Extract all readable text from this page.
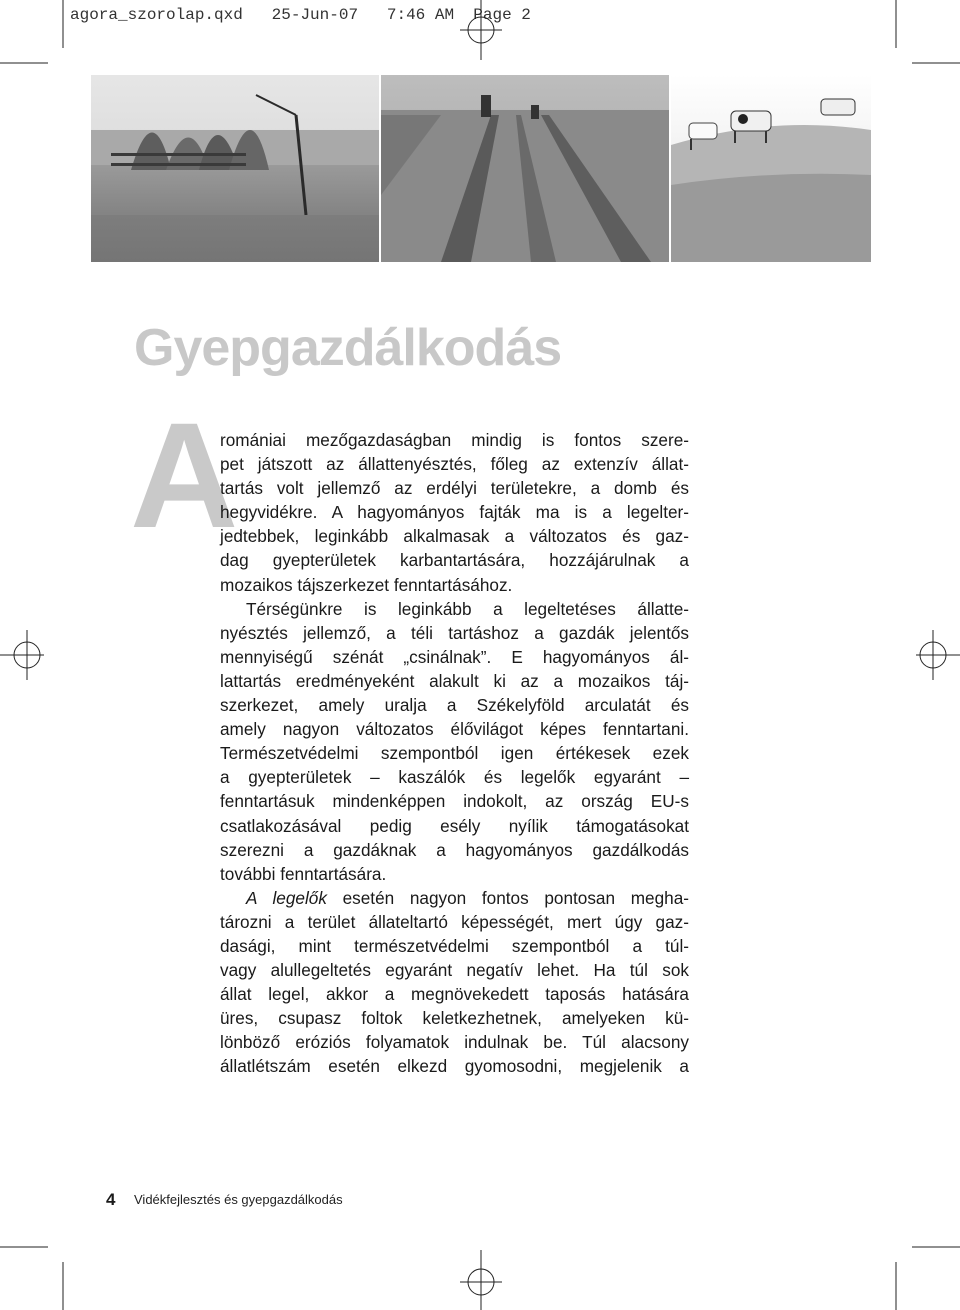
agora_szorolap.qxd 25-Jun-07 7:46 AM Page 2
Gyepgazdálkodás
A
romániai mezőgazdaságban mindig is fontos szere-
pet játszott az állattenyésztés, főleg az extenzív állat-
tartás volt jellemző az erdélyi területekre, a domb és
hegyvidékre. A hagyományos fajták ma is a legelter-
jedtebbek, leginkább alkalmasak a változatos és gaz-
dag gyepterületek karbantartására, hozzájárulnak a
mozaikos tájszerkezet fenntartásához.
Térségünkre is leginkább a legeltetéses állatte-
nyésztés jellemző, a téli tartáshoz a gazdák jelentős
mennyiségű szénát „csinálnak”. E hagyományos ál-
lattartás eredményeként alakult ki az a mozaikos táj-
szerkezet, amely uralja a Székelyföld arculatát és
amely nagyon változatos élővilágot képes fenntartani.
Természetvédelmi szempontból igen értékesek ezek
a gyepterületek – kaszálók és legelők egyaránt –
fenntartásuk mindenképpen indokolt, az ország EU-s
csatlakozásával pedig esély nyílik támogatásokat
szerezni a gazdáknak a hagyományos gazdálkodás
további fenntartására.
A legelők esetén nagyon fontos pontosan megha-
tározni a terület állateltartó képességét, mert úgy gaz-
dasági, mint természetvédelmi szempontból a túl-
vagy alullegeltetés egyaránt negatív lehet. Ha túl sok
állat legel, akkor a megnövekedett taposás hatására
üres, csupasz foltok keletkezhetnek, amelyeken kü-
lönböző eróziós folyamatok indulnak be. Túl alacsony
állatlétszám esetén elkezd gyomosodni, megjelenik a
4 Vidékfejlesztés és gyepgazdálkodás
